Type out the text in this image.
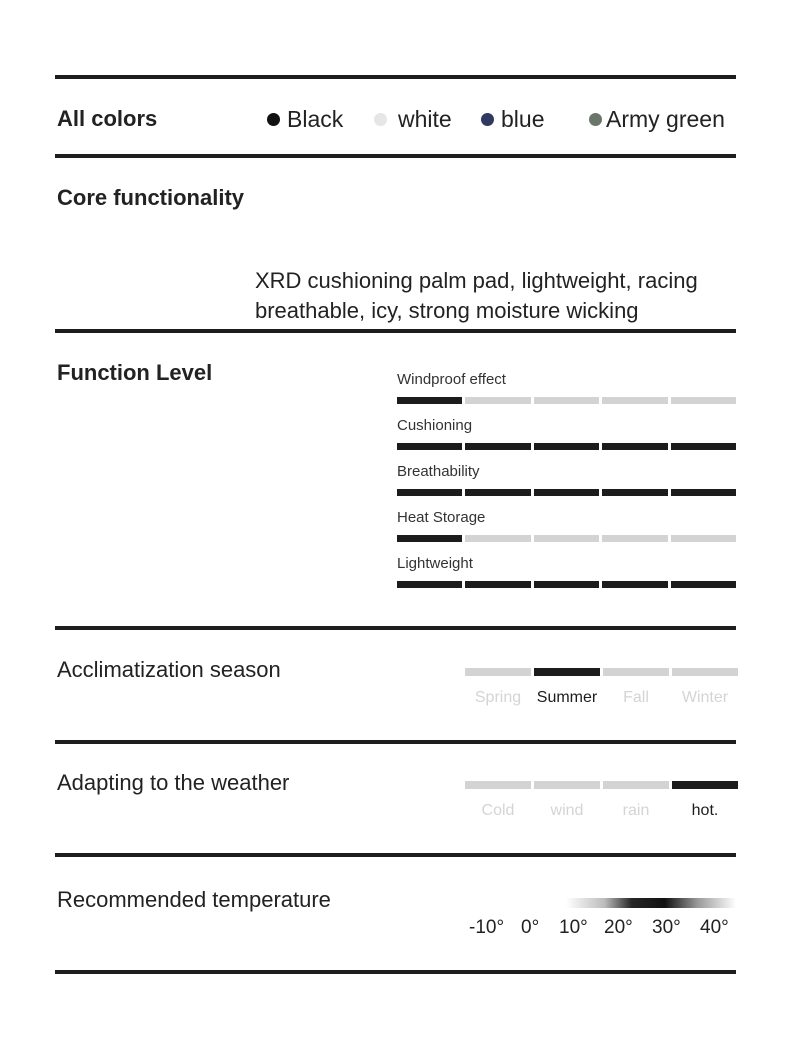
All colors	Black white blue	Army green
Core functionality
XRD cushioning palm pad, lightweight, racing
breathable, icy, strong moisture wicking
Function Level	Windproof effect
Cushioning
Breathability
Heat Storage
Lightweight
Acclimatization season
Spring Summer	Fall	Winter
Adapting to the weather
Cold	wind	rain	hot.
Recommended temperature
-10° 0° 10° 20° 30° 40°
